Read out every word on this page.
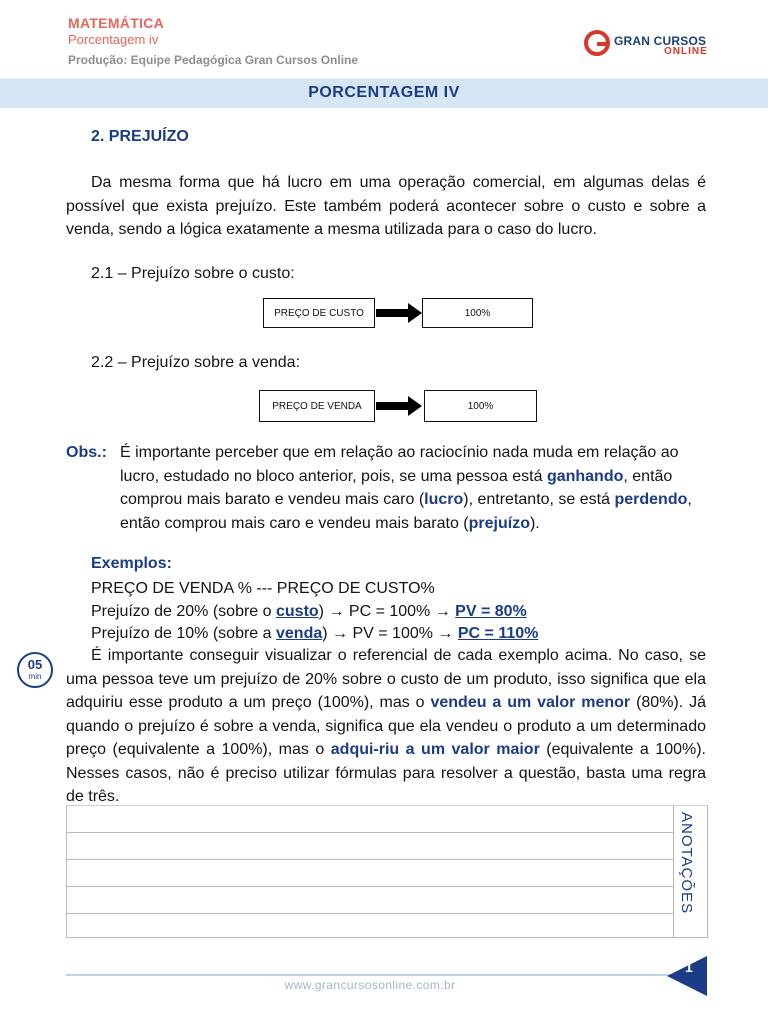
MATEMÁTICA
Porcentagem iv
Produção: Equipe Pedagógica Gran Cursos Online
GRAN CURSOS
ONLINE
PORCENTAGEM IV
2. PREJUÍZO
Da mesma forma que há lucro em uma operação comercial, em algumas delas é possível que exista prejuízo. Este também poderá acontecer sobre o custo e sobre a venda, sendo a lógica exatamente a mesma utilizada para o caso do lucro.
2.1 – Prejuízo sobre o custo:
PREÇO DE CUSTO	100%
2.2 – Prejuízo sobre a venda:
PREÇO DE VENDA	100%
Obs.: É importante perceber que em relação ao raciocínio nada muda em relação ao lucro, estudado no bloco anterior, pois, se uma pessoa está ganhando, então comprou mais barato e vendeu mais caro (lucro), entretanto, se está perdendo, então comprou mais caro e vendeu mais barato (prejuízo).
Exemplos:
PREÇO DE VENDA % --- PREÇO DE CUSTO%
Prejuízo de 20% (sobre o custo) → PC = 100% → PV = 80%
Prejuízo de 10% (sobre a venda) → PV = 100% → PC = 110%
05
min
É importante conseguir visualizar o referencial de cada exemplo acima. No caso, se uma pessoa teve um prejuízo de 20% sobre o custo de um produto, isso significa que ela adquiriu esse produto a um preço (100%), mas o vendeu a um valor menor (80%). Já quando o prejuízo é sobre a venda, significa que ela vendeu o produto a um determinado preço (equivalente a 100%), mas o adqui-riu a um valor maior (equivalente a 100%). Nesses casos, não é preciso utilizar fórmulas para resolver a questão, basta uma regra de três.
ANOTAÇÕES
www.grancursosonline.com.br
1
